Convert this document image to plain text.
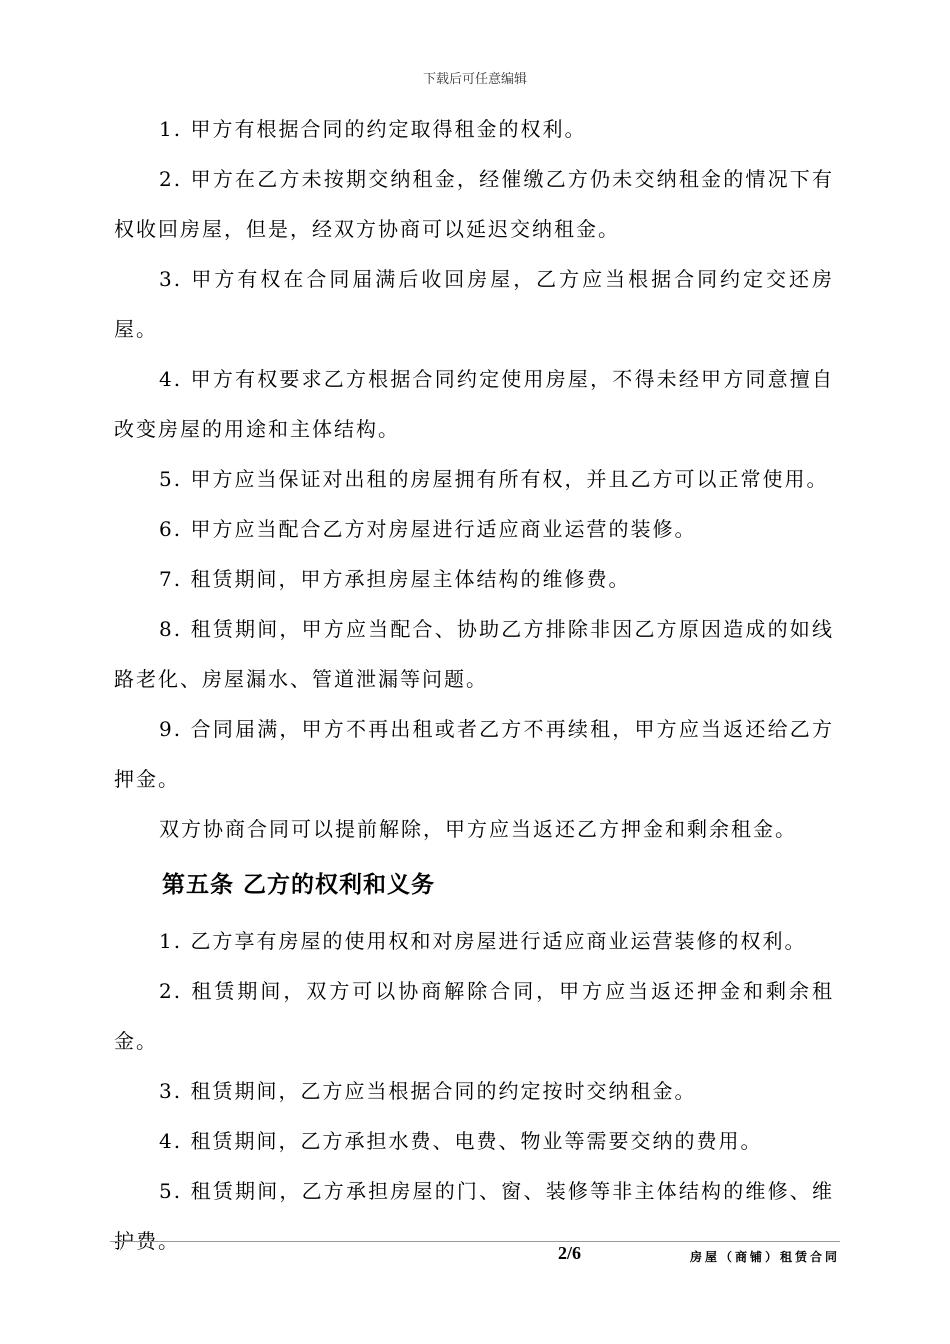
下载后可任意编辑

1. 甲方有根据合同的约定取得租金的权利。

2. 甲方在乙方未按期交纳租金，经催缴乙方仍未交纳租金的情况下有权收回房屋，但是，经双方协商可以延迟交纳租金。

3. 甲方有权在合同届满后收回房屋，乙方应当根据合同约定交还房屋。

4. 甲方有权要求乙方根据合同约定使用房屋，不得未经甲方同意擅自改变房屋的用途和主体结构。

5. 甲方应当保证对出租的房屋拥有所有权，并且乙方可以正常使用。

6. 甲方应当配合乙方对房屋进行适应商业运营的装修。

7. 租赁期间，甲方承担房屋主体结构的维修费。

8. 租赁期间，甲方应当配合、协助乙方排除非因乙方原因造成的如线路老化、房屋漏水、管道泄漏等问题。

9. 合同届满，甲方不再出租或者乙方不再续租，甲方应当返还给乙方押金。

双方协商合同可以提前解除，甲方应当返还乙方押金和剩余租金。

第五条 乙方的权利和义务

1. 乙方享有房屋的使用权和对房屋进行适应商业运营装修的权利。

2. 租赁期间，双方可以协商解除合同，甲方应当返还押金和剩余租金。

3. 租赁期间，乙方应当根据合同的约定按时交纳租金。

4. 租赁期间，乙方承担水费、电费、物业等需要交纳的费用。

5. 租赁期间，乙方承担房屋的门、窗、装修等非主体结构的维修、维护费。	2/6	房屋（商铺）租赁合同
